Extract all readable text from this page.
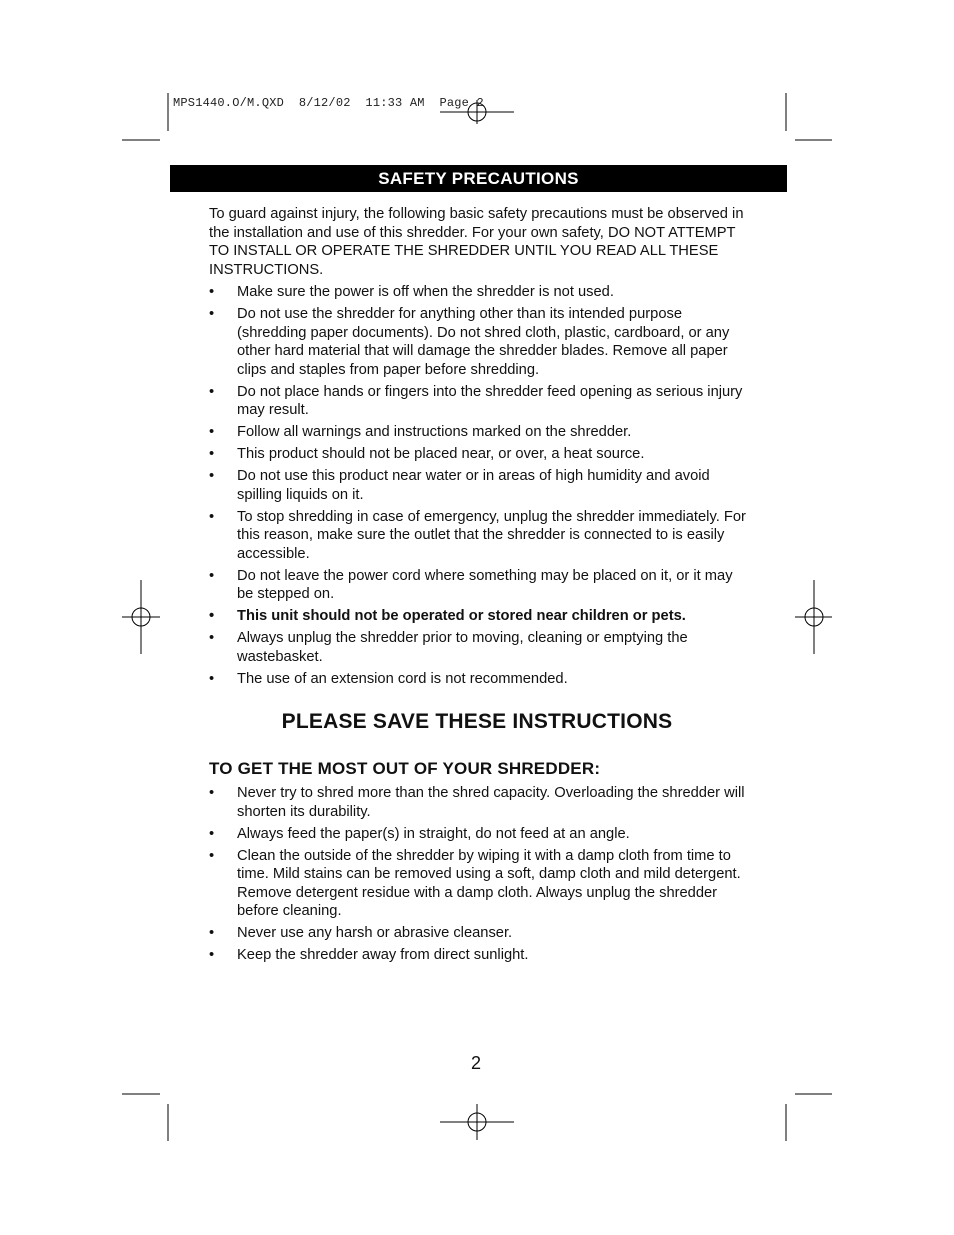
MPS1440.O/M.QXD  8/12/02  11:33 AM  Page 2
SAFETY PRECAUTIONS

To guard against injury, the following basic safety precautions must be observed in the installation and use of this shredder. For your own safety, DO NOT ATTEMPT TO INSTALL OR OPERATE THE SHREDDER UNTIL YOU READ ALL THESE INSTRUCTIONS.

• Make sure the power is off when the shredder is not used.
• Do not use the shredder for anything other than its intended purpose (shredding paper documents). Do not shred cloth, plastic, cardboard, or any other hard material that will damage the shredder blades. Remove all paper clips and staples from paper before shredding.
• Do not place hands or fingers into the shredder feed opening as serious injury may result.
• Follow all warnings and instructions marked on the shredder.
• This product should not be placed near, or over, a heat source.
• Do not use this product near water or in areas of high humidity and avoid spilling liquids on it.
• To stop shredding in case of emergency, unplug the shredder immediately. For this reason, make sure the outlet that the shredder is connected to is easily accessible.
• Do not leave the power cord where something may be placed on it, or it may be stepped on.
• This unit should not be operated or stored near children or pets.
• Always unplug the shredder prior to moving, cleaning or emptying the wastebasket.
• The use of an extension cord is not recommended.
PLEASE SAVE THESE INSTRUCTIONS
TO GET THE MOST OUT OF YOUR SHREDDER:
• Never try to shred more than the shred capacity. Overloading the shredder will shorten its durability.
• Always feed the paper(s) in straight, do not feed at an angle.
• Clean the outside of the shredder by wiping it with a damp cloth from time to time. Mild stains can be removed using a soft, damp cloth and mild detergent. Remove detergent residue with a damp cloth. Always unplug the shredder before cleaning.
• Never use any harsh or abrasive cleanser.
• Keep the shredder away from direct sunlight.
2
